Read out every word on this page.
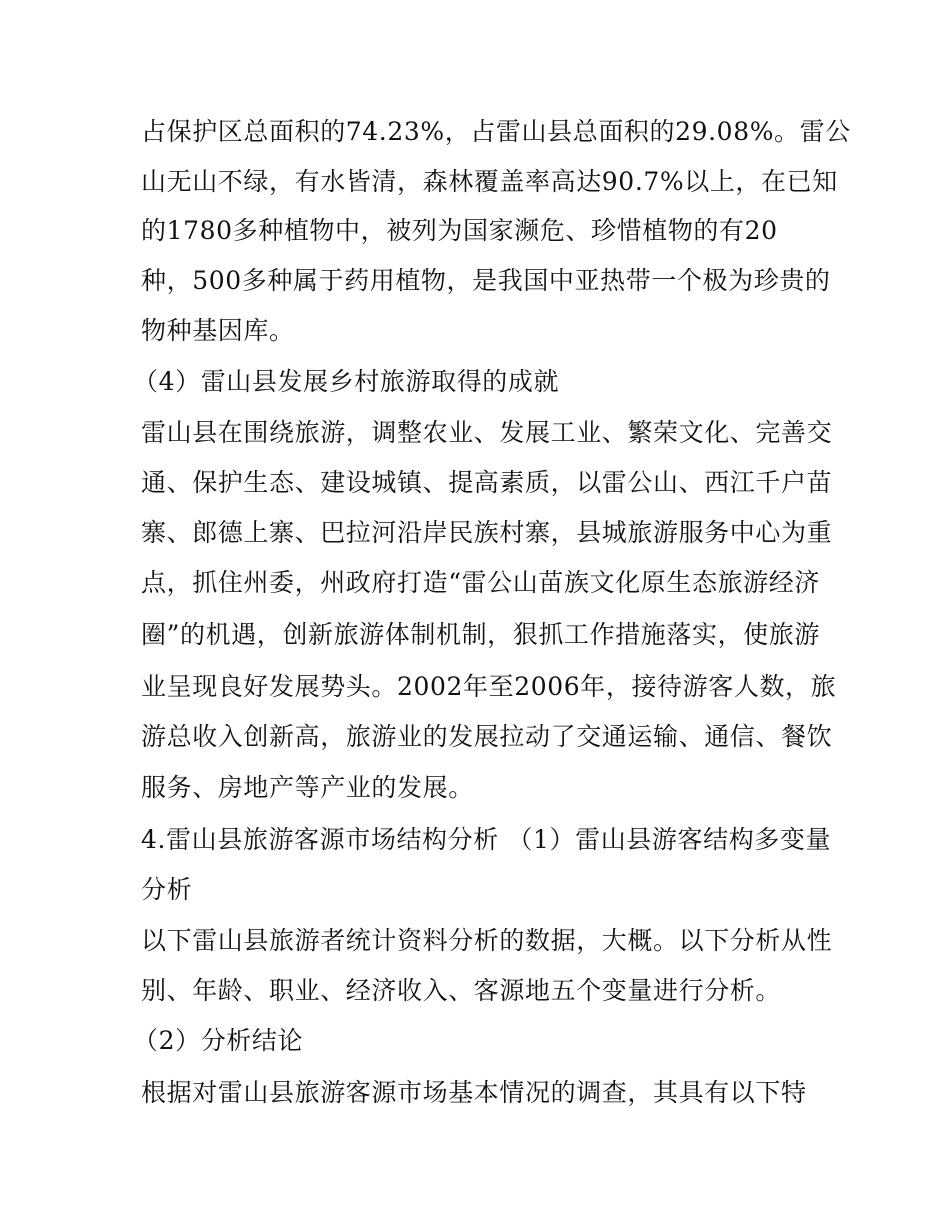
占保护区总面积的74.23%，占雷山县总面积的29.08%。雷公
山无山不绿，有水皆清，森林覆盖率高达90.7%以上，在已知
的1780多种植物中，被列为国家濒危、珍惜植物的有20
种，500多种属于药用植物，是我国中亚热带一个极为珍贵的
物种基因库。
（4）雷山县发展乡村旅游取得的成就
雷山县在围绕旅游，调整农业、发展工业、繁荣文化、完善交
通、保护生态、建设城镇、提高素质，以雷公山、西江千户苗
寨、郎德上寨、巴拉河沿岸民族村寨，县城旅游服务中心为重
点，抓住州委，州政府打造“雷公山苗族文化原生态旅游经济
圈”的机遇，创新旅游体制机制，狠抓工作措施落实，使旅游
业呈现良好发展势头。2002年至2006年，接待游客人数，旅
游总收入创新高，旅游业的发展拉动了交通运输、通信、餐饮
服务、房地产等产业的发展。
4.雷山县旅游客源市场结构分析 （1）雷山县游客结构多变量
分析
以下雷山县旅游者统计资料分析的数据，大概。以下分析从性
别、年龄、职业、经济收入、客源地五个变量进行分析。
（2）分析结论
根据对雷山县旅游客源市场基本情况的调查，其具有以下特
